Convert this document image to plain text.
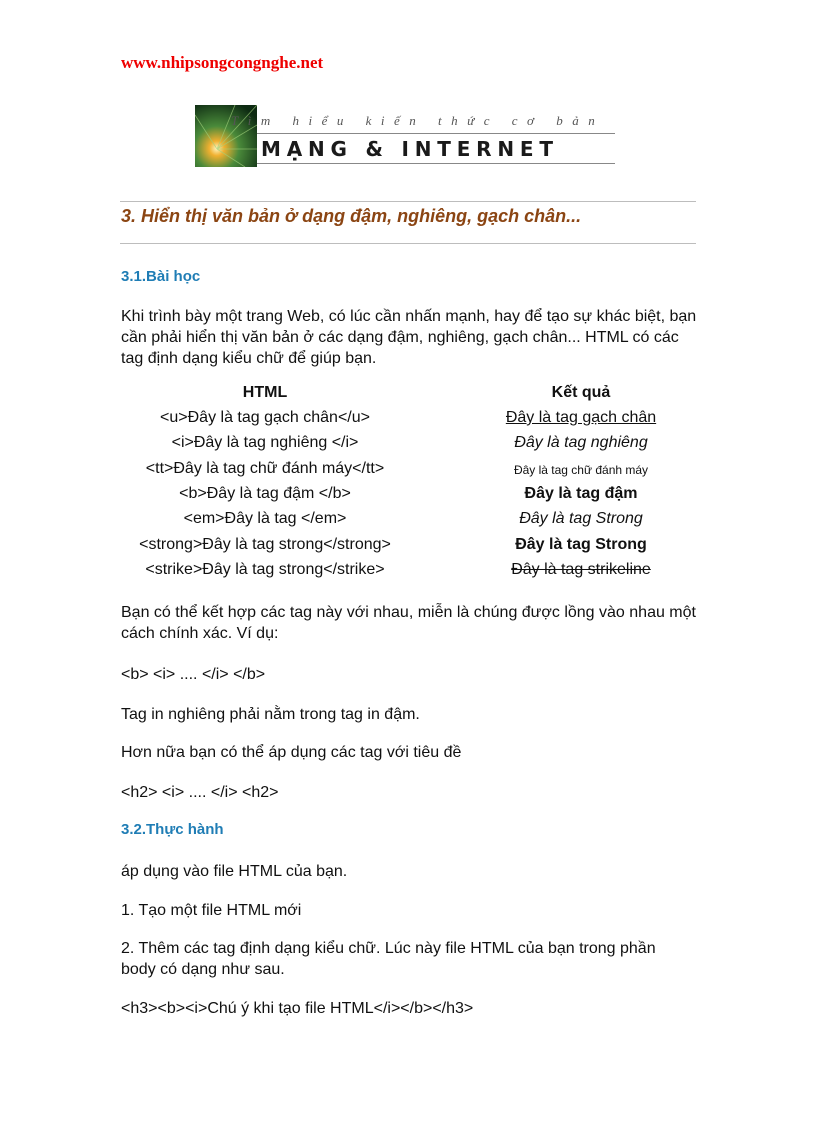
www.nhipsongcongnghe.net
Tìm hiểu kiến thức cơ bản
MẠNG & INTERNET
3. Hiển thị văn bản ở dạng đậm, nghiêng, gạch chân...
3.1.Bài học
Khi trình bày một trang Web, có lúc cần nhấn mạnh, hay để tạo sự khác biệt, bạn cần phải hiển thị văn bản ở các dạng đậm, nghiêng, gạch chân... HTML có các tag định dạng kiểu chữ để giúp bạn.
HTML	Kết quả
<u>Đây là tag gạch chân</u>	Đây là tag gạch chân
<i>Đây là tag nghiêng </i>	Đây là tag nghiêng
<tt>Đây là tag chữ đánh máy</tt>	Đây là tag chữ đánh máy
<b>Đây là tag đậm </b>	Đây là tag đậm
<em>Đây là tag </em>	Đây là tag Strong
<strong>Đây là tag strong</strong>	Đây là tag Strong
<strike>Đây là tag strong</strike>	Đây là tag strikeline
Bạn có thể kết hợp các tag này với nhau, miễn là chúng được lồng vào nhau một cách chính xác. Ví dụ:
<b> <i> .... </i> </b>
Tag in nghiêng phải nằm trong tag in đậm.
Hơn nữa bạn có thể áp dụng các tag với tiêu đề
<h2> <i> .... </i> <h2>
3.2.Thực hành
áp dụng vào file HTML của bạn.
1. Tạo một file HTML mới
2. Thêm các tag định dạng kiểu chữ. Lúc này file HTML của bạn trong phần body có dạng như sau.
<h3><b><i>Chú ý khi tạo file HTML</i></b></h3>
